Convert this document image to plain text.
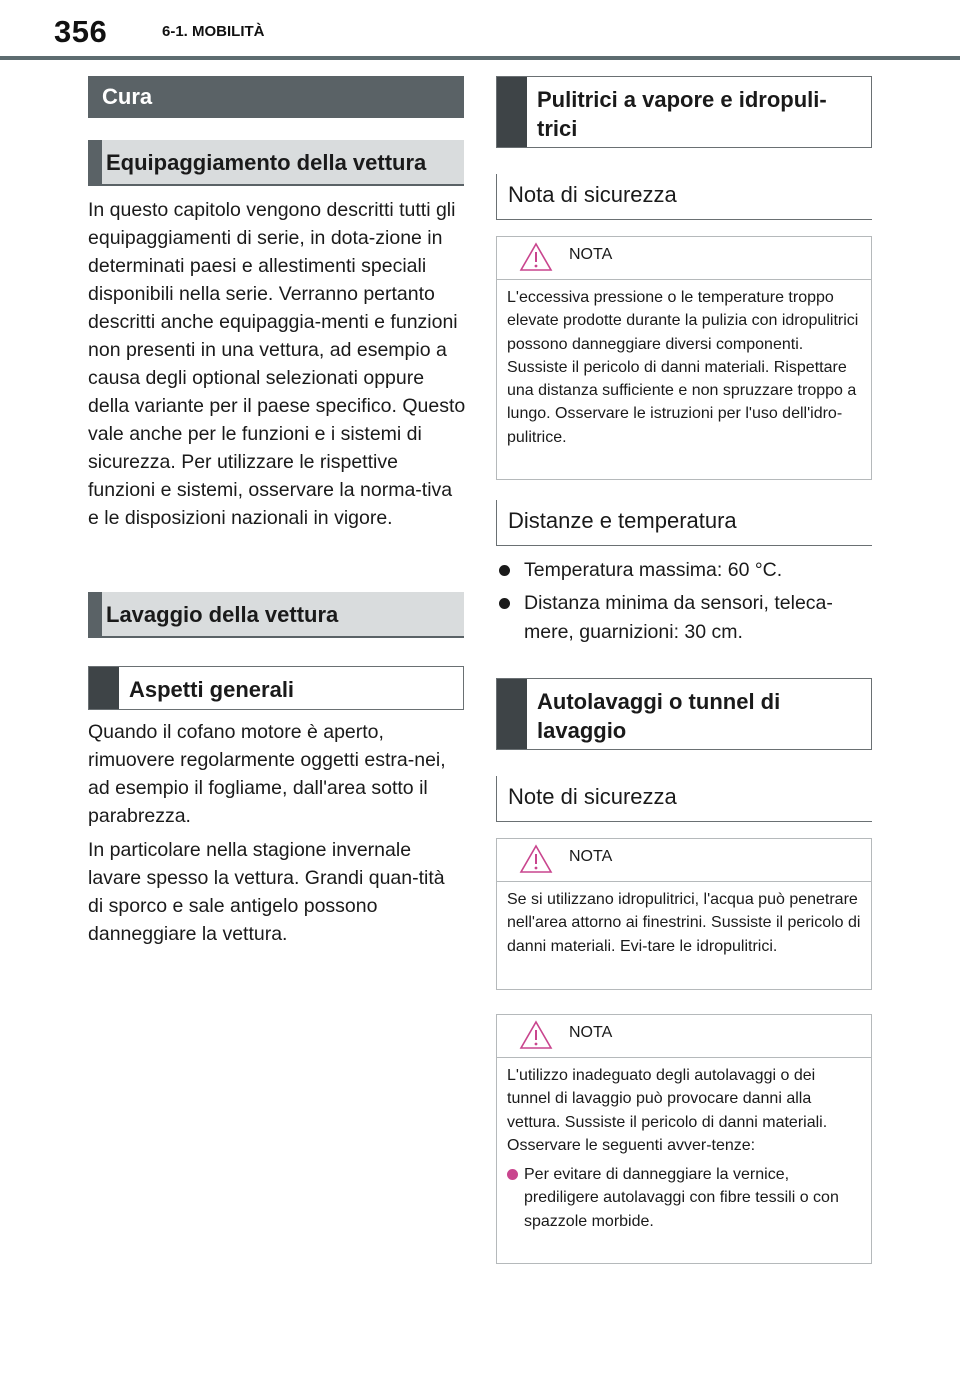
356	6-1. MOBILITÀ
Cura
Equipaggiamento della vettura

In questo capitolo vengono descritti tutti gli equipaggiamenti di serie, in dota-zione in determinati paesi e allestimenti speciali disponibili nella serie. Verranno pertanto descritti anche equipaggia-menti e funzioni non presenti in una vettura, ad esempio a causa degli optional selezionati oppure della variante per il paese specifico. Questo vale anche per le funzioni e i sistemi di sicurezza. Per utilizzare le rispettive funzioni e sistemi, osservare la norma-tiva e le disposizioni nazionali in vigore.

Lavaggio della vettura
Aspetti generali

Quando il cofano motore è aperto, rimuovere regolarmente oggetti estra-nei, ad esempio il fogliame, dall'area sotto il parabrezza.

In particolare nella stagione invernale lavare spesso la vettura. Grandi quan-tità di sporco e sale antigelo possono danneggiare la vettura.

Pulitrici a vapore e idropuli-trici
Nota di sicurezza
NOTA

L'eccessiva pressione o le temperature troppo elevate prodotte durante la pulizia con idropulitrici possono danneggiare diversi componenti. Sussiste il pericolo di danni materiali. Rispettare una distanza sufficiente e non spruzzare troppo a lungo. Osservare le istruzioni per l'uso dell'idro-pulitrice.

Distanze e temperatura
Temperatura massima: 60 °C.
Distanza minima da sensori, teleca-mere, guarnizioni: 30 cm.
Autolavaggi o tunnel di lavaggio
Note di sicurezza
NOTA

Se si utilizzano idropulitrici, l'acqua può penetrare nell'area attorno ai finestrini. Sussiste il pericolo di danni materiali. Evi-tare le idropulitrici.

NOTA

L'utilizzo inadeguato degli autolavaggi o dei tunnel di lavaggio può provocare danni alla vettura. Sussiste il pericolo di danni materiali. Osservare le seguenti avver-tenze:

Per evitare di danneggiare la vernice, prediligere autolavaggi con fibre tessili o con spazzole morbide.
